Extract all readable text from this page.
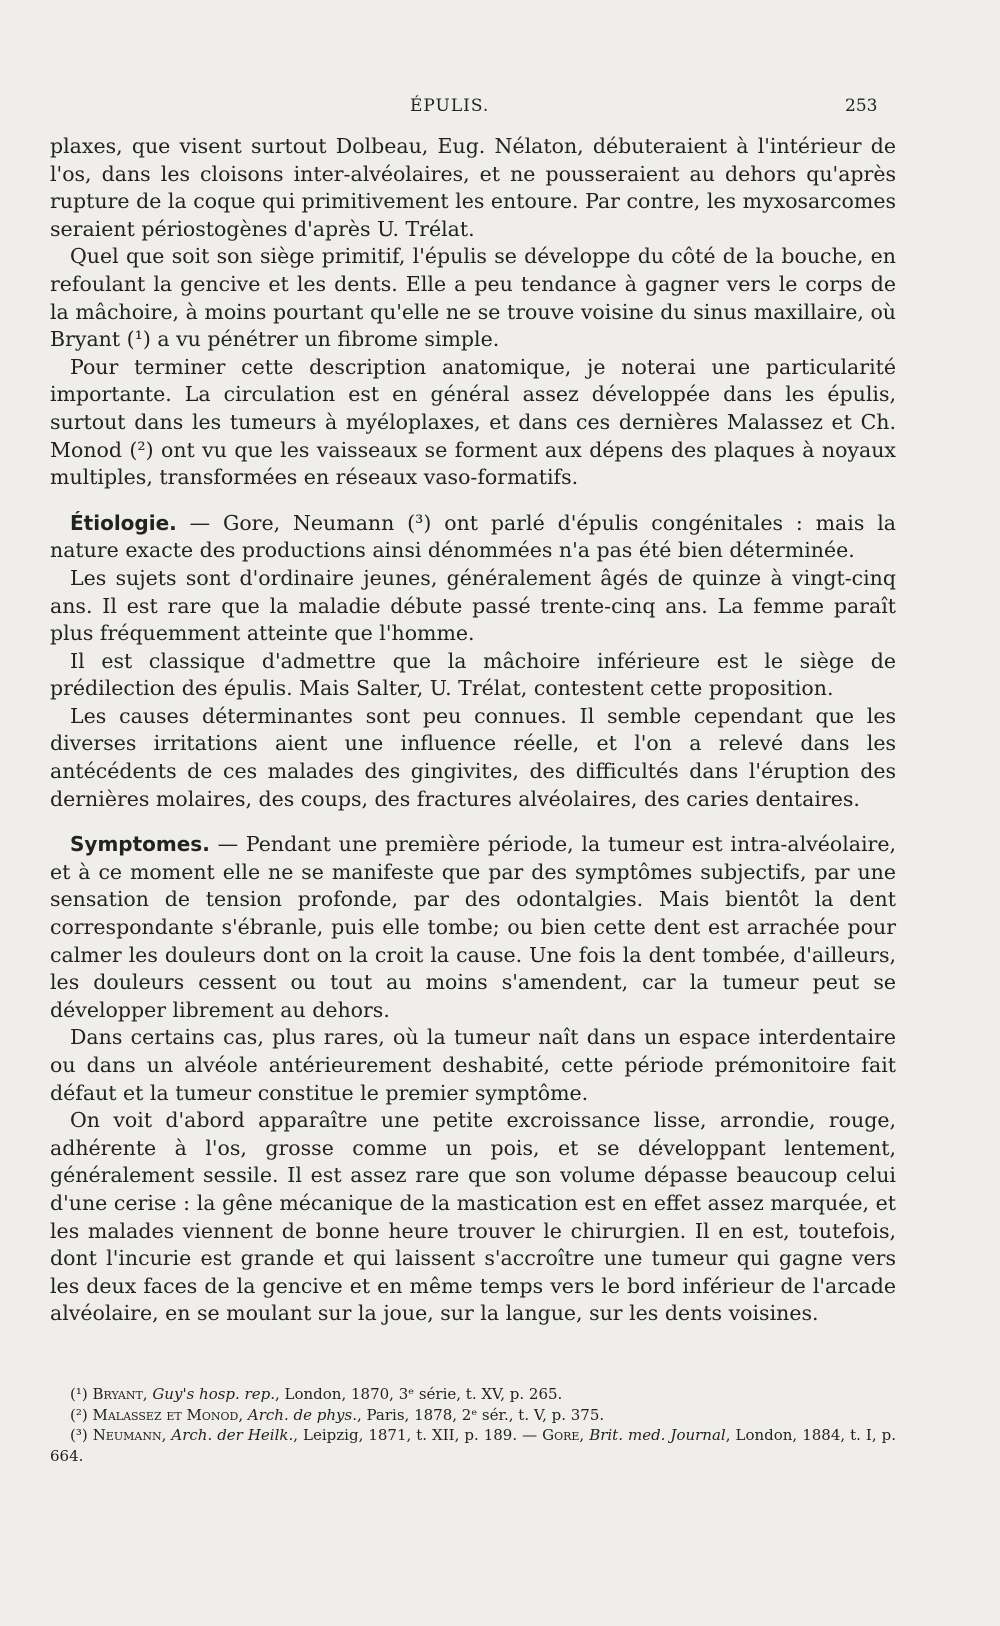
ÉPULIS.	253

plaxes, que visent surtout Dolbeau, Eug. Nélaton, débuteraient à l'intérieur de l'os, dans les cloisons inter-alvéolaires, et ne pousseraient au dehors qu'après rupture de la coque qui primitivement les entoure. Par contre, les myxosarcomes seraient périostogènes d'après U. Trélat.

Quel que soit son siège primitif, l'épulis se développe du côté de la bouche, en refoulant la gencive et les dents. Elle a peu tendance à gagner vers le corps de la mâchoire, à moins pourtant qu'elle ne se trouve voisine du sinus maxillaire, où Bryant (¹) a vu pénétrer un fibrome simple.

Pour terminer cette description anatomique, je noterai une particularité importante. La circulation est en général assez développée dans les épulis, surtout dans les tumeurs à myéloplaxes, et dans ces dernières Malassez et Ch. Monod (²) ont vu que les vaisseaux se forment aux dépens des plaques à noyaux multiples, transformées en réseaux vaso-formatifs.

Étiologie. — Gore, Neumann (³) ont parlé d'épulis congénitales : mais la nature exacte des productions ainsi dénommées n'a pas été bien déterminée.

Les sujets sont d'ordinaire jeunes, généralement âgés de quinze à vingt-cinq ans. Il est rare que la maladie débute passé trente-cinq ans. La femme paraît plus fréquemment atteinte que l'homme.

Il est classique d'admettre que la mâchoire inférieure est le siège de prédilection des épulis. Mais Salter, U. Trélat, contestent cette proposition.

Les causes déterminantes sont peu connues. Il semble cependant que les diverses irritations aient une influence réelle, et l'on a relevé dans les antécédents de ces malades des gingivites, des difficultés dans l'éruption des dernières molaires, des coups, des fractures alvéolaires, des caries dentaires.

Symptomes. — Pendant une première période, la tumeur est intra-alvéolaire, et à ce moment elle ne se manifeste que par des symptômes subjectifs, par une sensation de tension profonde, par des odontalgies. Mais bientôt la dent correspondante s'ébranle, puis elle tombe; ou bien cette dent est arrachée pour calmer les douleurs dont on la croit la cause. Une fois la dent tombée, d'ailleurs, les douleurs cessent ou tout au moins s'amendent, car la tumeur peut se développer librement au dehors.

Dans certains cas, plus rares, où la tumeur naît dans un espace interdentaire ou dans un alvéole antérieurement deshabité, cette période prémonitoire fait défaut et la tumeur constitue le premier symptôme.

On voit d'abord apparaître une petite excroissance lisse, arrondie, rouge, adhérente à l'os, grosse comme un pois, et se développant lentement, généralement sessile. Il est assez rare que son volume dépasse beaucoup celui d'une cerise : la gêne mécanique de la mastication est en effet assez marquée, et les malades viennent de bonne heure trouver le chirurgien. Il en est, toutefois, dont l'incurie est grande et qui laissent s'accroître une tumeur qui gagne vers les deux faces de la gencive et en même temps vers le bord inférieur de l'arcade alvéolaire, en se moulant sur la joue, sur la langue, sur les dents voisines.

(¹) Bryant, Guy's hosp. rep., London, 1870, 3ᵉ série, t. XV, p. 265.

(²) Malassez et Monod, Arch. de phys., Paris, 1878, 2ᵉ sér., t. V, p. 375.

(³) Neumann, Arch. der Heilk., Leipzig, 1871, t. XII, p. 189. — Gore, Brit. med. Journal, London, 1884, t. I, p. 664.
